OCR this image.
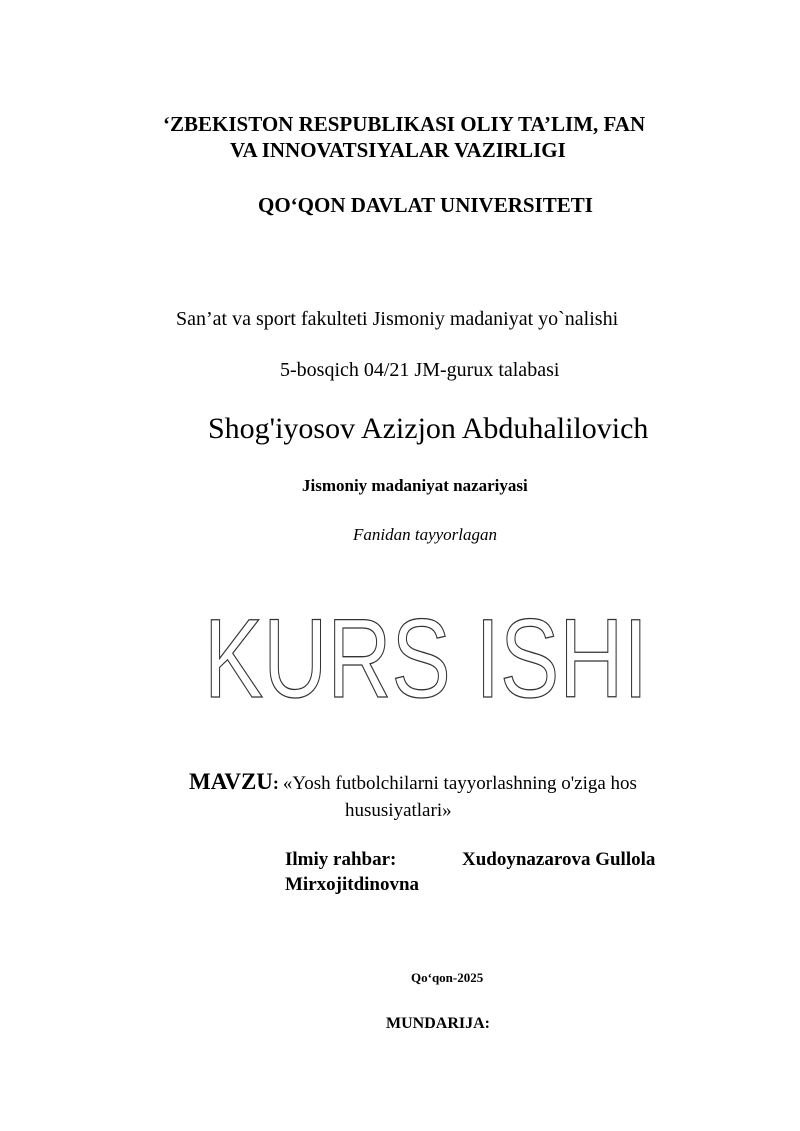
‘ZBEKISTON RESPUBLIKASI OLIY TA’LIM, FAN
VA INNOVATSIYALAR VAZIRLIGI
QO‘QON DAVLAT UNIVERSITETI
San’at va sport fakulteti Jismoniy madaniyat yo`nalishi
5-bosqich 04/21 JM-gurux talabasi
Shog'iyosov Azizjon Abduhalilovich
Jismoniy madaniyat nazariyasi
Fanidan tayyorlagan
KURS ISHI
MAVZU: «Yosh futbolchilarni tayyorlashning o'ziga hos
hususiyatlari»
Ilmiy rahbar:	Xudoynazarova Gullola
Mirxojitdinovna
Qo‘qon-2025
MUNDARIJA:
